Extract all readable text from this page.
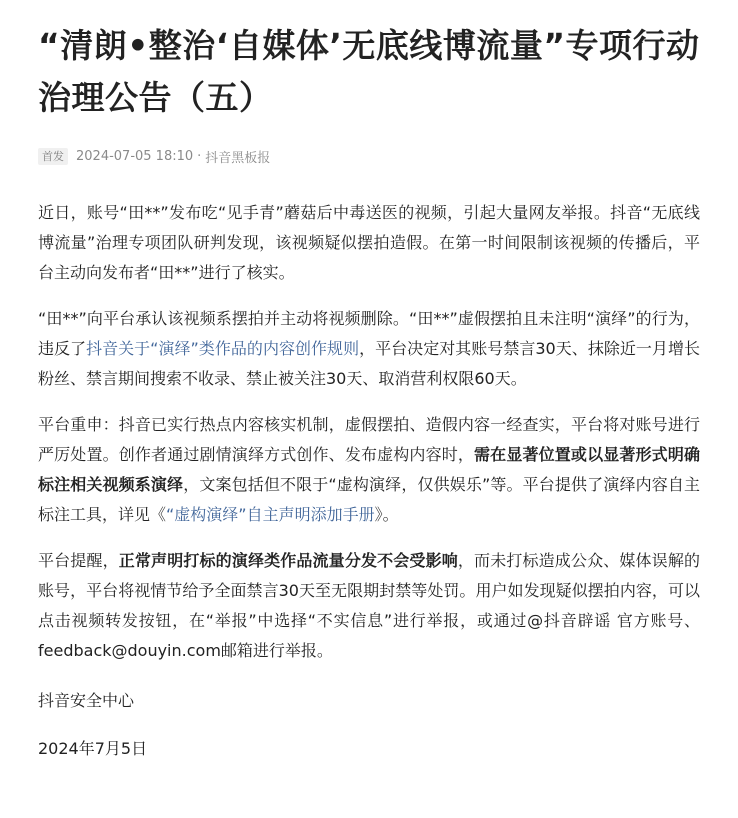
“清朗•整治‘自媒体’无底线博流量”专项行动治理公告（五）
首发 2024-07-05 18:10 · 抖音黑板报

近日，账号“田**”发布吃“见手青”蘑菇后中毒送医的视频，引起大量网友举报。抖音“无底线博流量”治理专项团队研判发现，该视频疑似摆拍造假。在第一时间限制该视频的传播后，平台主动向发布者“田**”进行了核实。

“田**”向平台承认该视频系摆拍并主动将视频删除。“田**”虚假摆拍且未注明“演绎”的行为，违反了抖音关于“演绎”类作品的内容创作规则，平台决定对其账号禁言30天、抹除近一月增长粉丝、禁言期间搜索不收录、禁止被关注30天、取消营利权限60天。

平台重申：抖音已实行热点内容核实机制，虚假摆拍、造假内容一经查实，平台将对账号进行严厉处置。创作者通过剧情演绎方式创作、发布虚构内容时，需在显著位置或以显著形式明确标注相关视频系演绎，文案包括但不限于“虚构演绎，仅供娱乐”等。平台提供了演绎内容自主标注工具，详见《“虚构演绎”自主声明添加手册》。

平台提醒，正常声明打标的演绎类作品流量分发不会受影响，而未打标造成公众、媒体误解的账号，平台将视情节给予全面禁言30天至无限期封禁等处罚。用户如发现疑似摆拍内容，可以点击视频转发按钮，在“举报”中选择“不实信息”进行举报，或通过@抖音辟谣 官方账号、feedback@douyin.com邮箱进行举报。

抖音安全中心

2024年7月5日
